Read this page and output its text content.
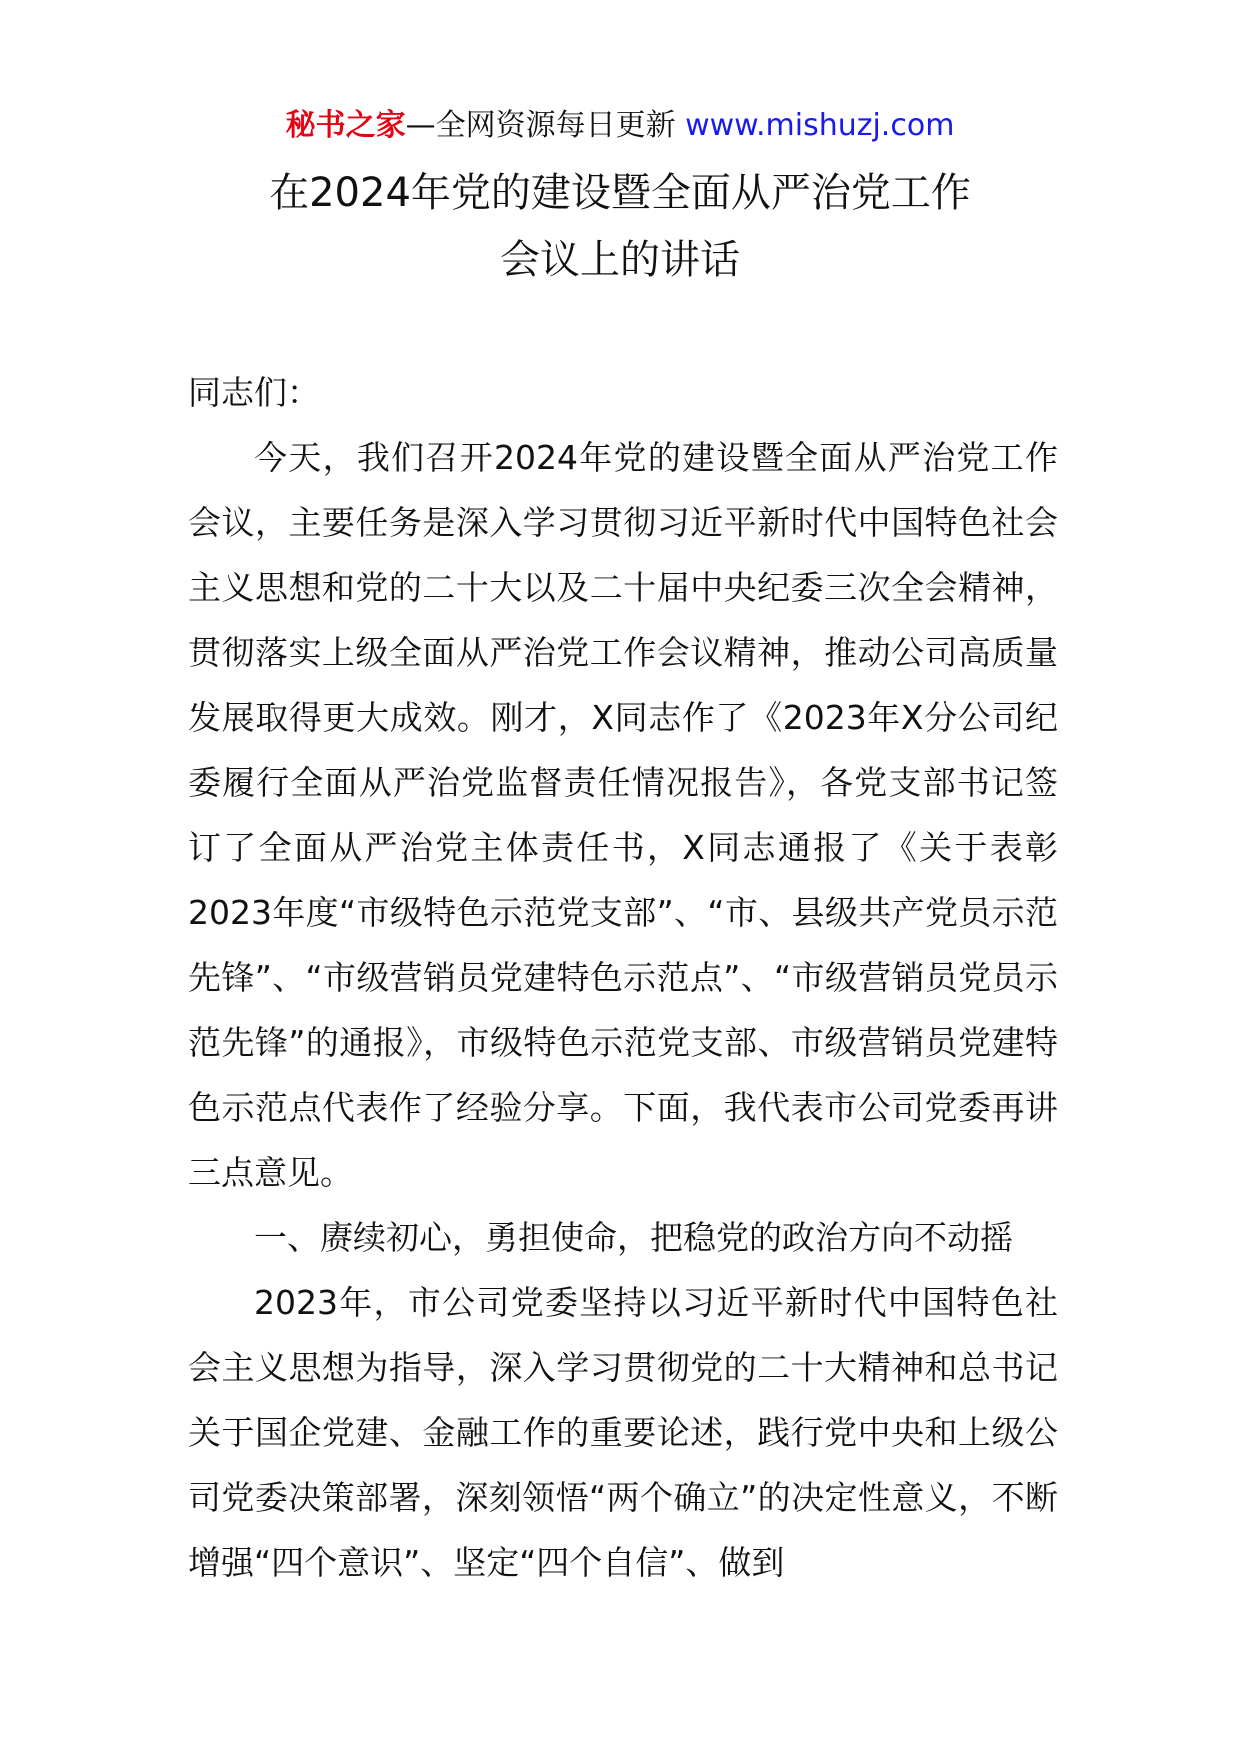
秘书之家—全网资源每日更新 www.mishuzj.com
在2024年党的建设暨全面从严治党工作
会议上的讲话

同志们：

今天，我们召开2024年党的建设暨全面从严治党工作会议，主要任务是深入学习贯彻习近平新时代中国特色社会主义思想和党的二十大以及二十届中央纪委三次全会精神，贯彻落实上级全面从严治党工作会议精神，推动公司高质量发展取得更大成效。刚才，X同志作了《2023年X分公司纪委履行全面从严治党监督责任情况报告》，各党支部书记签订了全面从严治党主体责任书，X同志通报了《关于表彰2023年度“市级特色示范党支部”、“市、县级共产党员示范先锋”、“市级营销员党建特色示范点”、“市级营销员党员示范先锋”的通报》，市级特色示范党支部、市级营销员党建特色示范点代表作了经验分享。下面，我代表市公司党委再讲三点意见。

一、赓续初心，勇担使命，把稳党的政治方向不动摇

2023年，市公司党委坚持以习近平新时代中国特色社会主义思想为指导，深入学习贯彻党的二十大精神和总书记关于国企党建、金融工作的重要论述，践行党中央和上级公司党委决策部署，深刻领悟“两个确立”的决定性意义，不断增强“四个意识”、坚定“四个自信”、做到
